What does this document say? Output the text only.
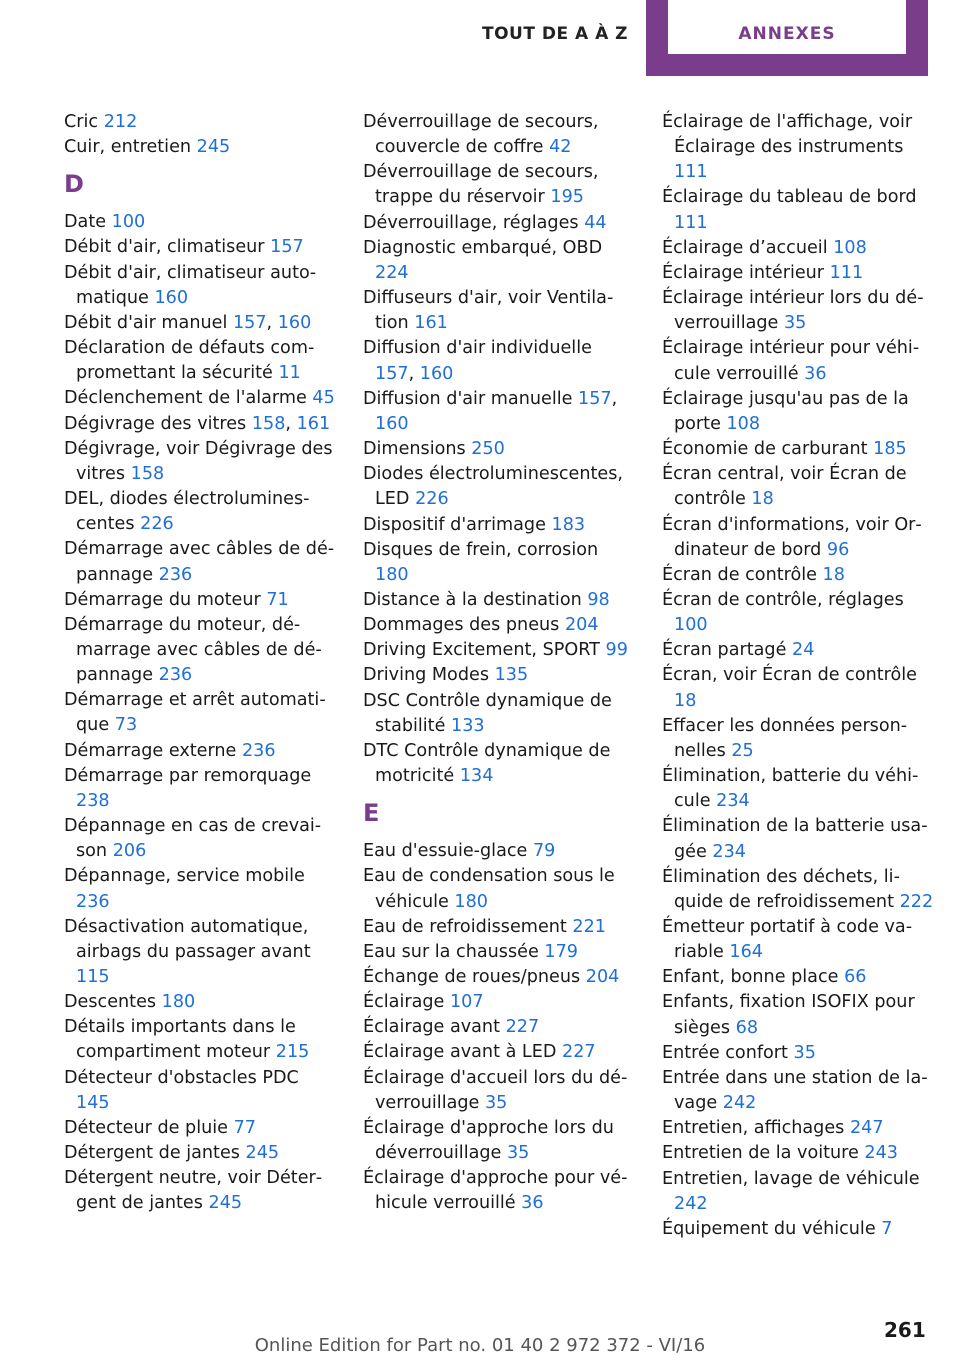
TOUT DE A À Z	ANNEXES
Cric 212
Cuir, entretien 245
D
Date 100
Débit d'air, climatiseur 157
Débit d'air, climatiseur automatique 160
Débit d'air manuel 157, 160
Déclaration de défauts compromettant la sécurité 11
Déclenchement de l'alarme 45
Dégivrage des vitres 158, 161
Dégivrage, voir Dégivrage des vitres 158
DEL, diodes électroluminescentes 226
Démarrage avec câbles de dépannage 236
Démarrage du moteur 71
Démarrage du moteur, démarrage avec câbles de dépannage 236
Démarrage et arrêt automatique 73
Démarrage externe 236
Démarrage par remorquage 238
Dépannage en cas de crevaison 206
Dépannage, service mobile 236
Désactivation automatique, airbags du passager avant 115
Descentes 180
Détails importants dans le compartiment moteur 215
Détecteur d'obstacles PDC 145
Détecteur de pluie 77
Détergent de jantes 245
Détergent neutre, voir Détergent de jantes 245
Déverrouillage de secours, couvercle de coffre 42
Déverrouillage de secours, trappe du réservoir 195
Déverrouillage, réglages 44
Diagnostic embarqué, OBD 224
Diffuseurs d'air, voir Ventilation 161
Diffusion d'air individuelle 157, 160
Diffusion d'air manuelle 157, 160
Dimensions 250
Diodes électroluminescentes, LED 226
Dispositif d'arrimage 183
Disques de frein, corrosion 180
Distance à la destination 98
Dommages des pneus 204
Driving Excitement, SPORT 99
Driving Modes 135
DSC Contrôle dynamique de stabilité 133
DTC Contrôle dynamique de motricité 134
E
Eau d'essuie-glace 79
Eau de condensation sous le véhicule 180
Eau de refroidissement 221
Eau sur la chaussée 179
Échange de roues/pneus 204
Éclairage 107
Éclairage avant 227
Éclairage avant à LED 227
Éclairage d'accueil lors du déverrouillage 35
Éclairage d'approche lors du déverrouillage 35
Éclairage d'approche pour véhicule verrouillé 36
Éclairage de l'affichage, voir Éclairage des instruments 111
Éclairage du tableau de bord 111
Éclairage d’accueil 108
Éclairage intérieur 111
Éclairage intérieur lors du déverrouillage 35
Éclairage intérieur pour véhicule verrouillé 36
Éclairage jusqu'au pas de la porte 108
Économie de carburant 185
Écran central, voir Écran de contrôle 18
Écran d'informations, voir Ordinateur de bord 96
Écran de contrôle 18
Écran de contrôle, réglages 100
Écran partagé 24
Écran, voir Écran de contrôle 18
Effacer les données personnelles 25
Élimination, batterie du véhicule 234
Élimination de la batterie usagée 234
Élimination des déchets, liquide de refroidissement 222
Émetteur portatif à code variable 164
Enfant, bonne place 66
Enfants, fixation ISOFIX pour sièges 68
Entrée confort 35
Entrée dans une station de lavage 242
Entretien, affichages 247
Entretien de la voiture 243
Entretien, lavage de véhicule 242
Équipement du véhicule 7
261
Online Edition for Part no. 01 40 2 972 372 - VI/16
